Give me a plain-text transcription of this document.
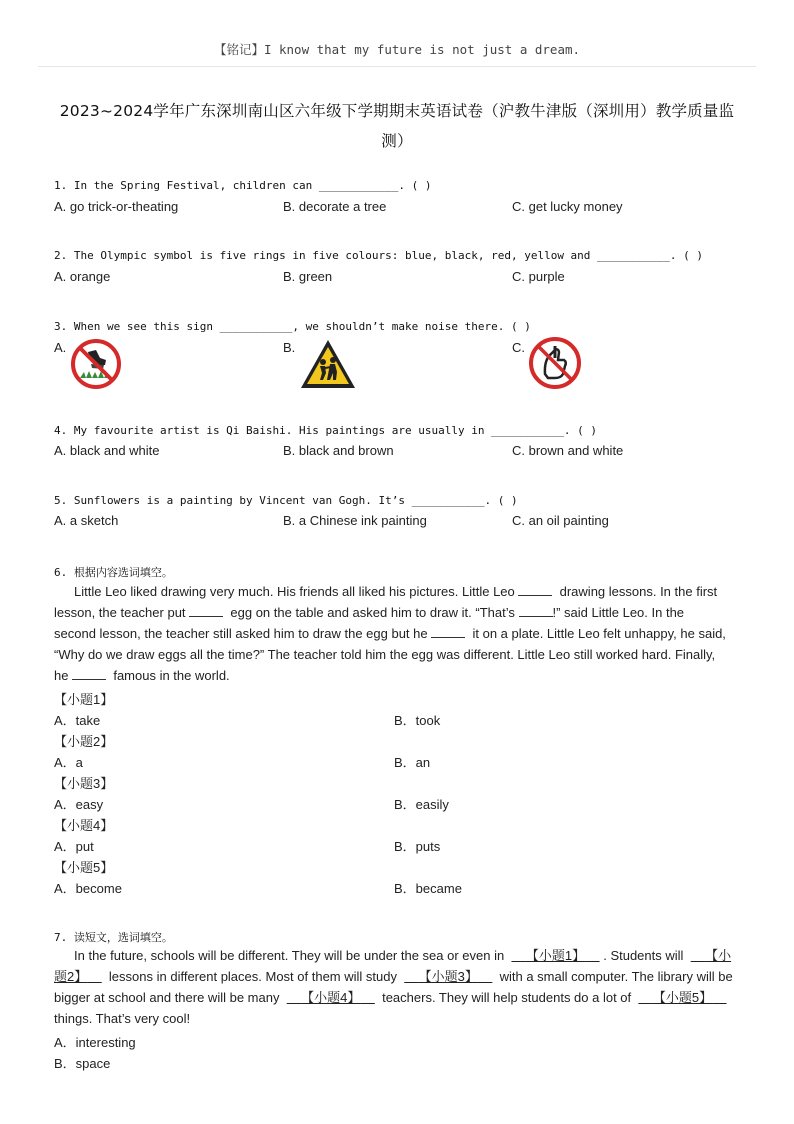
【铭记】I know that my future is not just a dream.
2023~2024学年广东深圳南山区六年级下学期期末英语试卷（沪教牛津版（深圳用）教学质量监
测）
1. In the Spring Festival, children can ____________. ( )
A. go trick-or-theating	B. decorate a tree	C. get lucky money
2. The Olympic symbol is five rings in five colours: blue, black, red, yellow and ___________. ( )
A. orange	B. green	C. purple
3. When we see this sign ___________, we shouldn’t make noise there. ( )
A.	B.	C.
4. My favourite artist is Qi Baishi. His paintings are usually in ___________. ( )
A. black and white	B. black and brown	C. brown and white
5. Sunflowers is a painting by Vincent van Gogh. It’s ___________. ( )
A. a sketch	B. a Chinese ink painting	C. an oil painting
6. 根据内容选词填空。
Little Leo liked drawing very much. His friends all liked his pictures. Little Leo	drawing lessons. In the first
lesson, the teacher put	egg on the table and asked him to draw it. “That’s	!” said Little Leo. In the
second lesson, the teacher still asked him to draw the egg but he	it on a plate. Little Leo felt unhappy, he said,
“Why do we draw eggs all the time?” The teacher told him the egg was different. Little Leo still worked hard. Finally,
he	famous in the world.
【小题1】
A．take	B．took
【小题2】
A．a	B．an
【小题3】
A．easy	B．easily
【小题4】
A．put	B．puts
【小题5】
A．become	B．became
7. 读短文，选词填空。
In the future, schools will be different. They will be under the sea or even in 【小题1】 . Students will 【小
题2】 lessons in different places. Most of them will study 【小题3】 with a small computer. The library will be
bigger at school and there will be many 【小题4】 teachers. They will help students do a lot of 【小题5】
things. That’s very cool!
A．interesting
B．space
